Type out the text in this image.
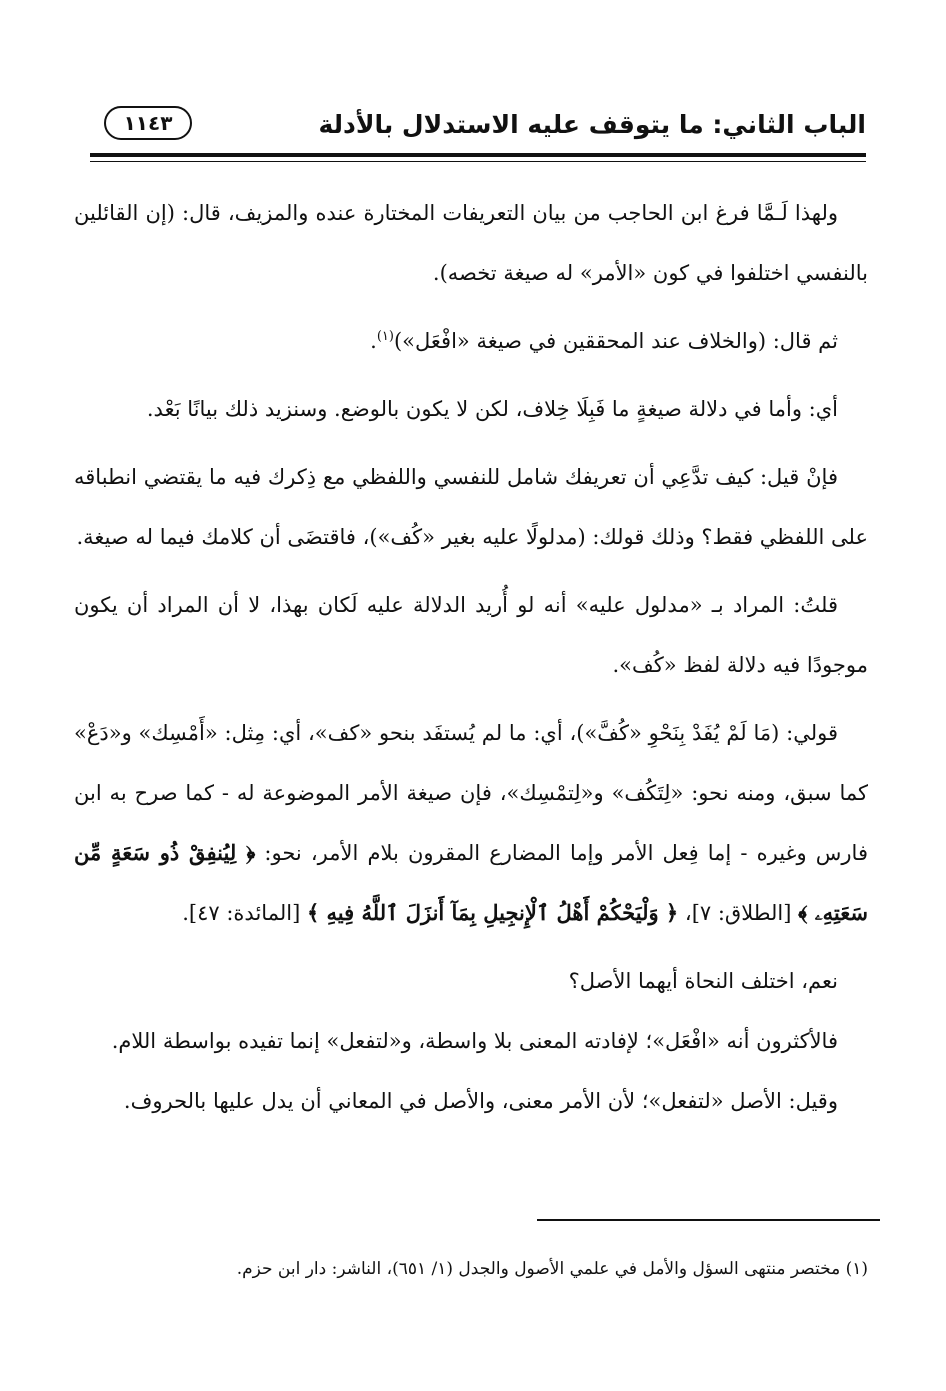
الباب الثاني: ما يتوقف عليه الاستدلال بالأدلة
١١٤٣

ولهذا لَـمَّا فرغ ابن الحاجب من بيان التعريفات المختارة عنده والمزيف، قال: (إن القائلين بالنفسي اختلفوا في كون «الأمر» له صيغة تخصه).

ثم قال: (والخلاف عند المحققين في صيغة «افْعَل»)$^{(١)}$.

أي: وأما في دلالة صيغةٍ ما فَبِلَا خِلاف، لكن لا يكون بالوضع. وسنزيد ذلك بيانًا بَعْد.

فإنْ قيل: كيف تدَّعِي أن تعريفك شامل للنفسي واللفظي مع ذِكرك فيه ما يقتضي انطباقه على اللفظي فقط؟ وذلك قولك: (مدلولًا عليه بغير «كُف»)، فاقتضَى أن كلامك فيما له صيغة.

قلتُ: المراد بـ «مدلول عليه» أنه لو أُريد الدلالة عليه لَكان بهذا، لا أن المراد أن يكون موجودًا فيه دلالة لفظ «كُف».

قولي: (مَا لَمْ يُفَدْ بِنَحْوِ «كُفَّ»)، أي: ما لم يُستفَد بنحو «كف»، أي: مِثل: «أَمْسِك» و«دَعْ» كما سبق، ومنه نحو: «لِتَكُف» و«لِتمْسِك»، فإن صيغة الأمر الموضوعة له - كما صرح به ابن فارس وغيره - إما فِعل الأمر وإما المضارع المقرون بلام الأمر، نحو: ﴿ لِيُنفِقْ ذُو سَعَةٍ مِّن سَعَتِهِۦ ﴾ [الطلاق: ٧]، ﴿ وَلْيَحْكُمْ أَهْلُ ٱلْإِنجِيلِ بِمَآ أَنزَلَ ٱللَّهُ فِيهِ ﴾ [المائدة: ٤٧].

نعم، اختلف النحاة أيهما الأصل؟

فالأكثرون أنه «افْعَل»؛ لإفادته المعنى بلا واسطة، و«لتفعل» إنما تفيده بواسطة اللام.

وقيل: الأصل «لتفعل»؛ لأن الأمر معنى، والأصل في المعاني أن يدل عليها بالحروف.

(١) مختصر منتهى السؤل والأمل في علمي الأصول والجدل (١/ ٦٥١)، الناشر: دار ابن حزم.
